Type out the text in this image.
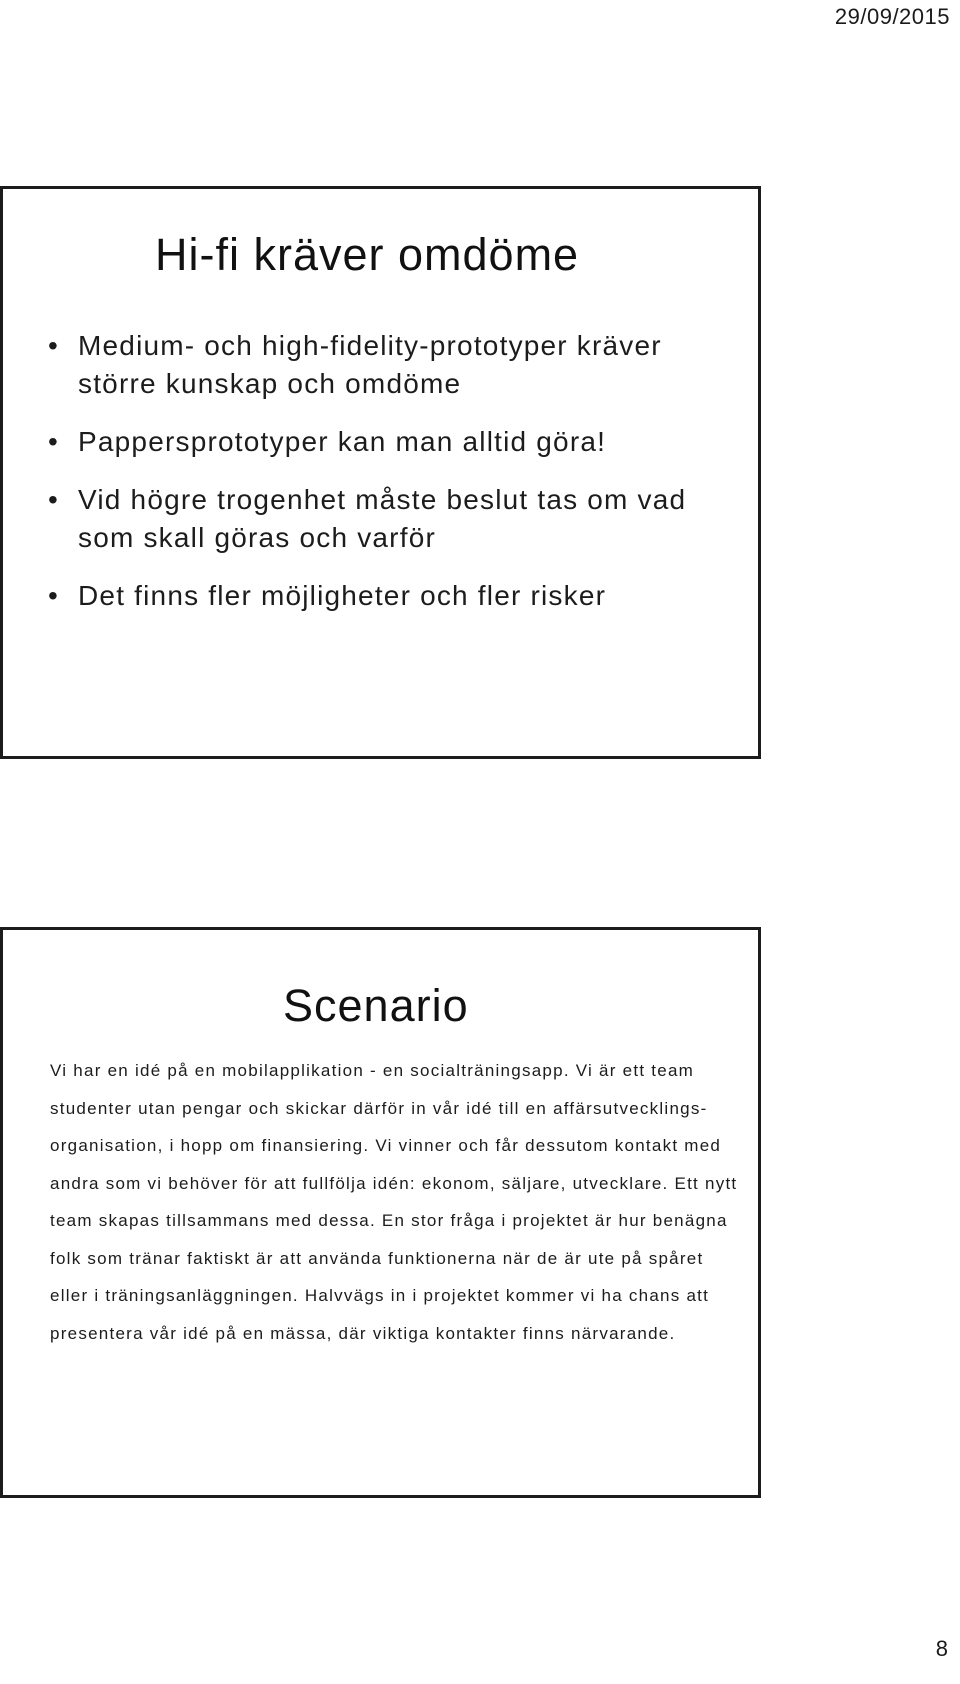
29/09/2015
Hi-fi kräver omdöme
• Medium- och high-fidelity-prototyper kräver större kunskap och omdöme
• Pappersprototyper kan man alltid göra!
• Vid högre trogenhet måste beslut tas om vad som skall göras och varför
• Det finns fler möjligheter och fler risker
Scenario

Vi har en idé på en mobilapplikation - en socialträningsapp. Vi är ett team studenter utan pengar och skickar därför in vår idé till en affärsutvecklings- organisation, i hopp om finansiering. Vi vinner och får dessutom kontakt med andra som vi behöver för att fullfölja idén: ekonom, säljare, utvecklare. Ett nytt team skapas tillsammans med dessa. En stor fråga i projektet är hur benägna folk som tränar faktiskt är att använda funktionerna när de är ute på spåret eller i träningsanläggningen. Halvvägs in i projektet kommer vi ha chans att presentera vår idé på en mässa, där viktiga kontakter finns närvarande.

8
